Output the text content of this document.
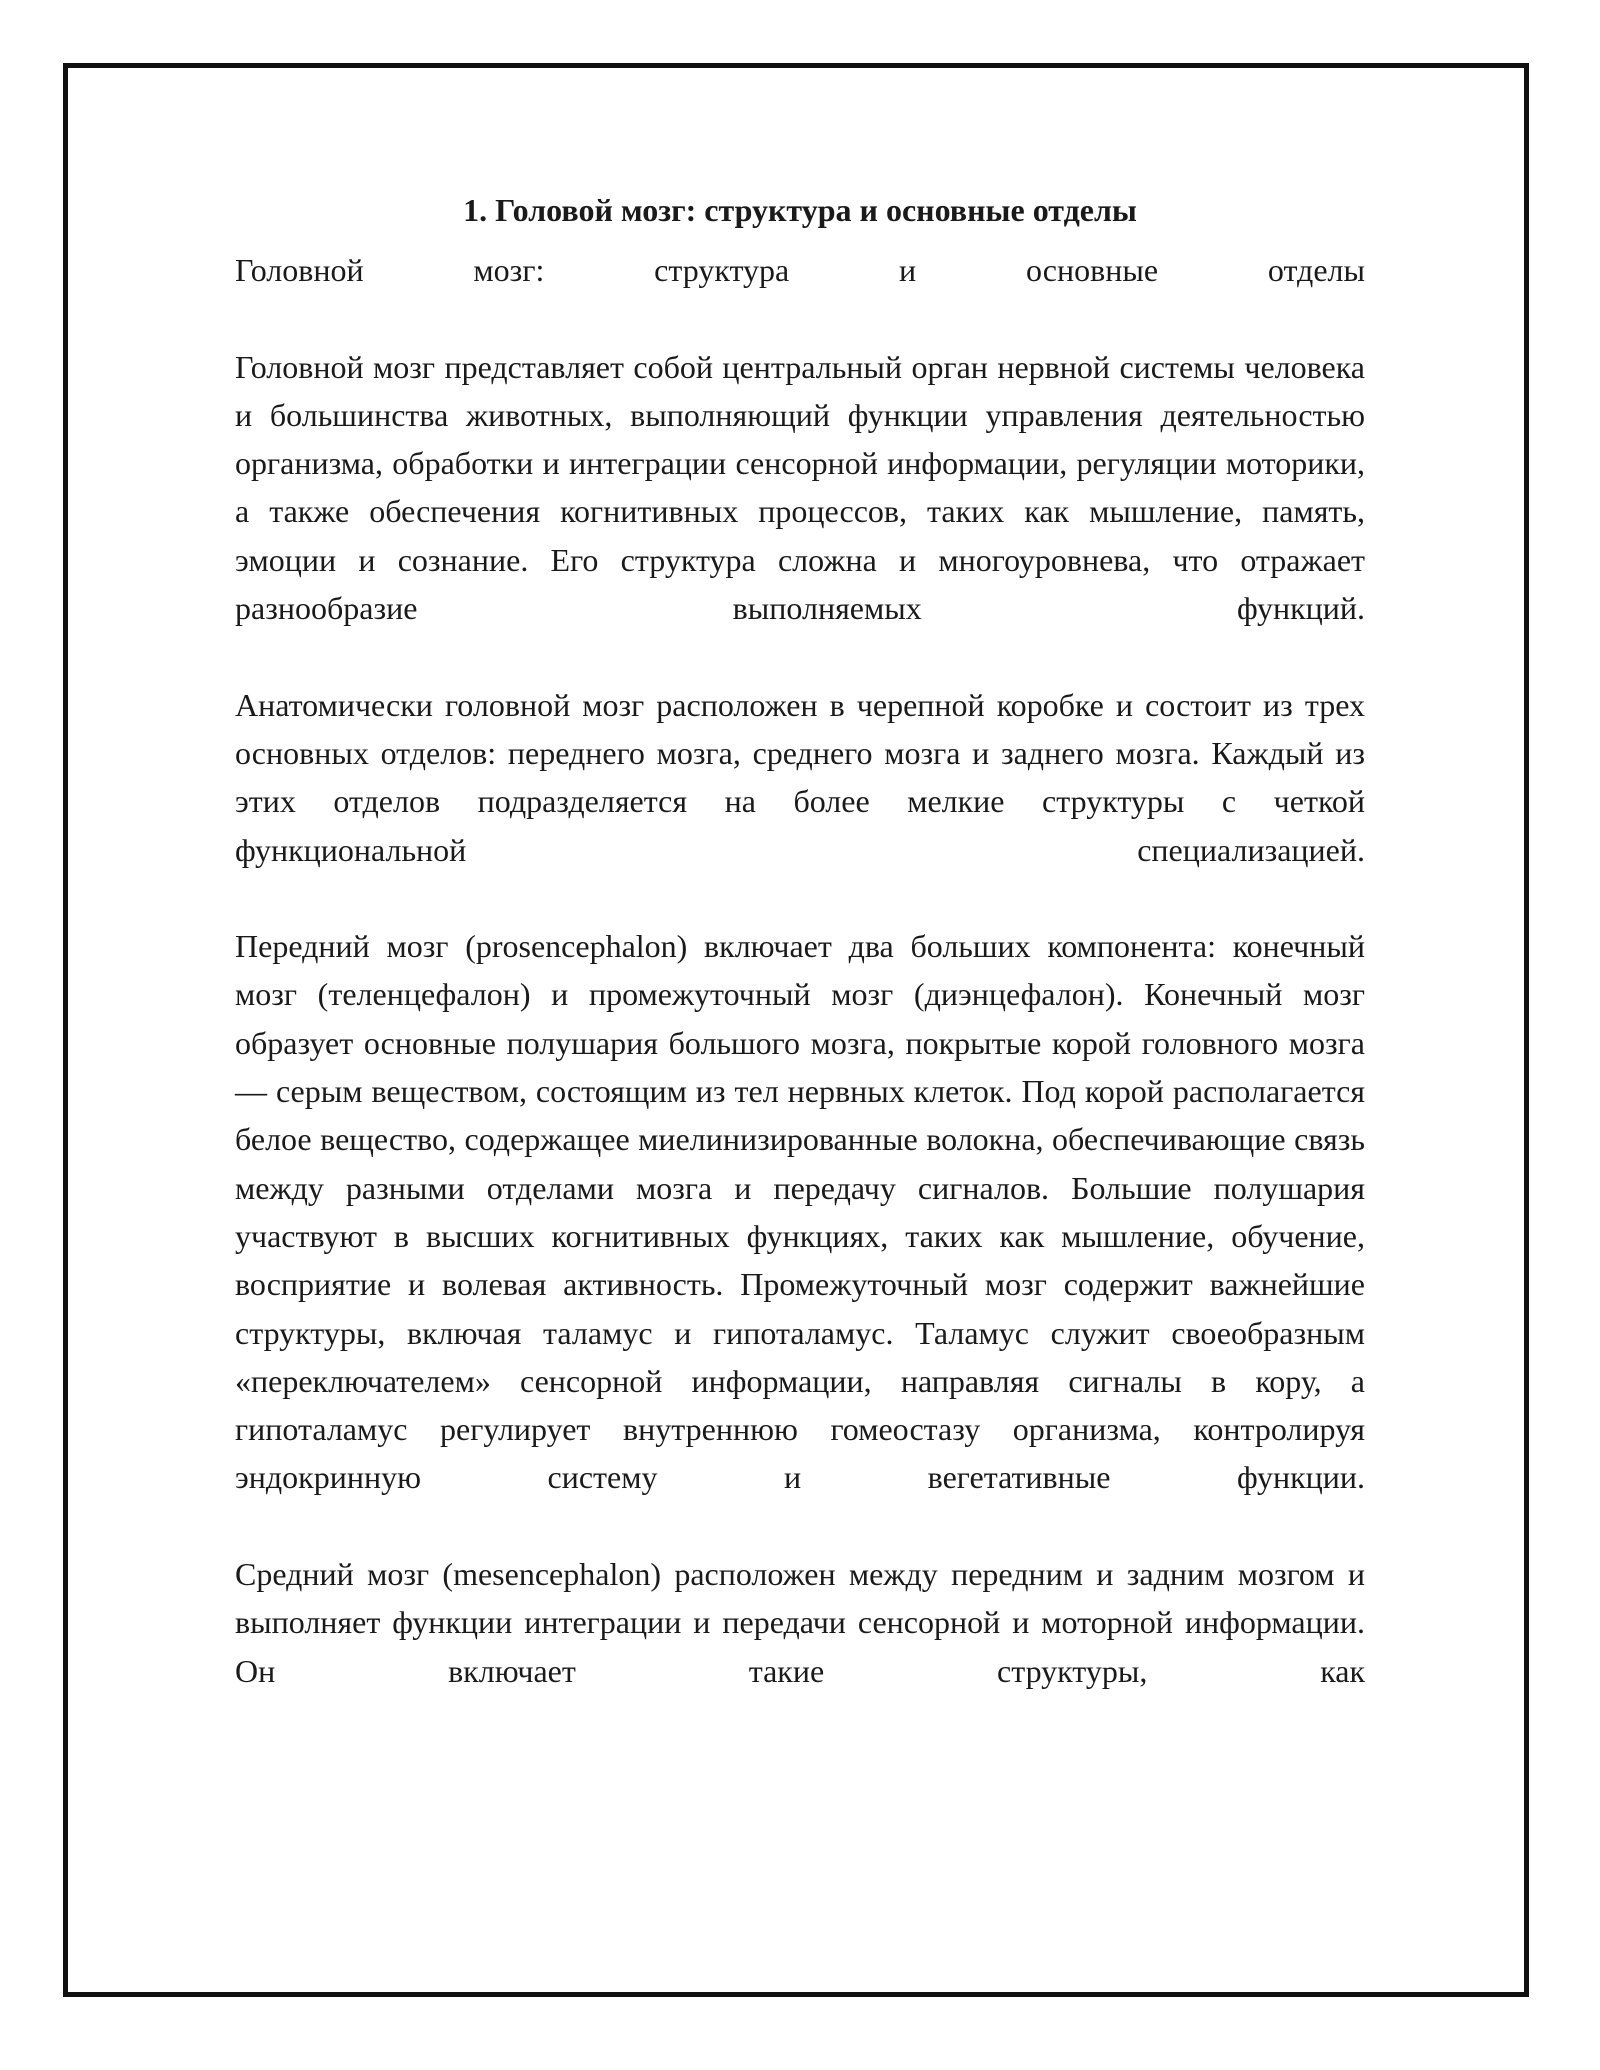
1. Головой мозг: структура и основные отделы

Головной мозг: структура и основные отделы

Головной мозг представляет собой центральный орган нервной системы человека и большинства животных, выполняющий функции управления деятельностью организма, обработки и интеграции сенсорной информации, регуляции моторики, а также обеспечения когнитивных процессов, таких как мышление, память, эмоции и сознание. Его структура сложна и многоуровнева, что отражает разнообразие выполняемых функций.

Анатомически головной мозг расположен в черепной коробке и состоит из трех основных отделов: переднего мозга, среднего мозга и заднего мозга. Каждый из этих отделов подразделяется на более мелкие структуры с четкой функциональной специализацией.

Передний мозг (prosencephalon) включает два больших компонента: конечный мозг (теленцефалон) и промежуточный мозг (диэнцефалон). Конечный мозг образует основные полушария большого мозга, покрытые корой головного мозга — серым веществом, состоящим из тел нервных клеток. Под корой располагается белое вещество, содержащее миелинизированные волокна, обеспечивающие связь между разными отделами мозга и передачу сигналов. Большие полушария участвуют в высших когнитивных функциях, таких как мышление, обучение, восприятие и волевая активность. Промежуточный мозг содержит важнейшие структуры, включая таламус и гипоталамус. Таламус служит своеобразным «переключателем» сенсорной информации, направляя сигналы в кору, а гипоталамус регулирует внутреннюю гомеостазу организма, контролируя эндокринную систему и вегетативные функции.

Средний мозг (mesencephalon) расположен между передним и задним мозгом и выполняет функции интеграции и передачи сенсорной и моторной информации. Он включает такие структуры, как
